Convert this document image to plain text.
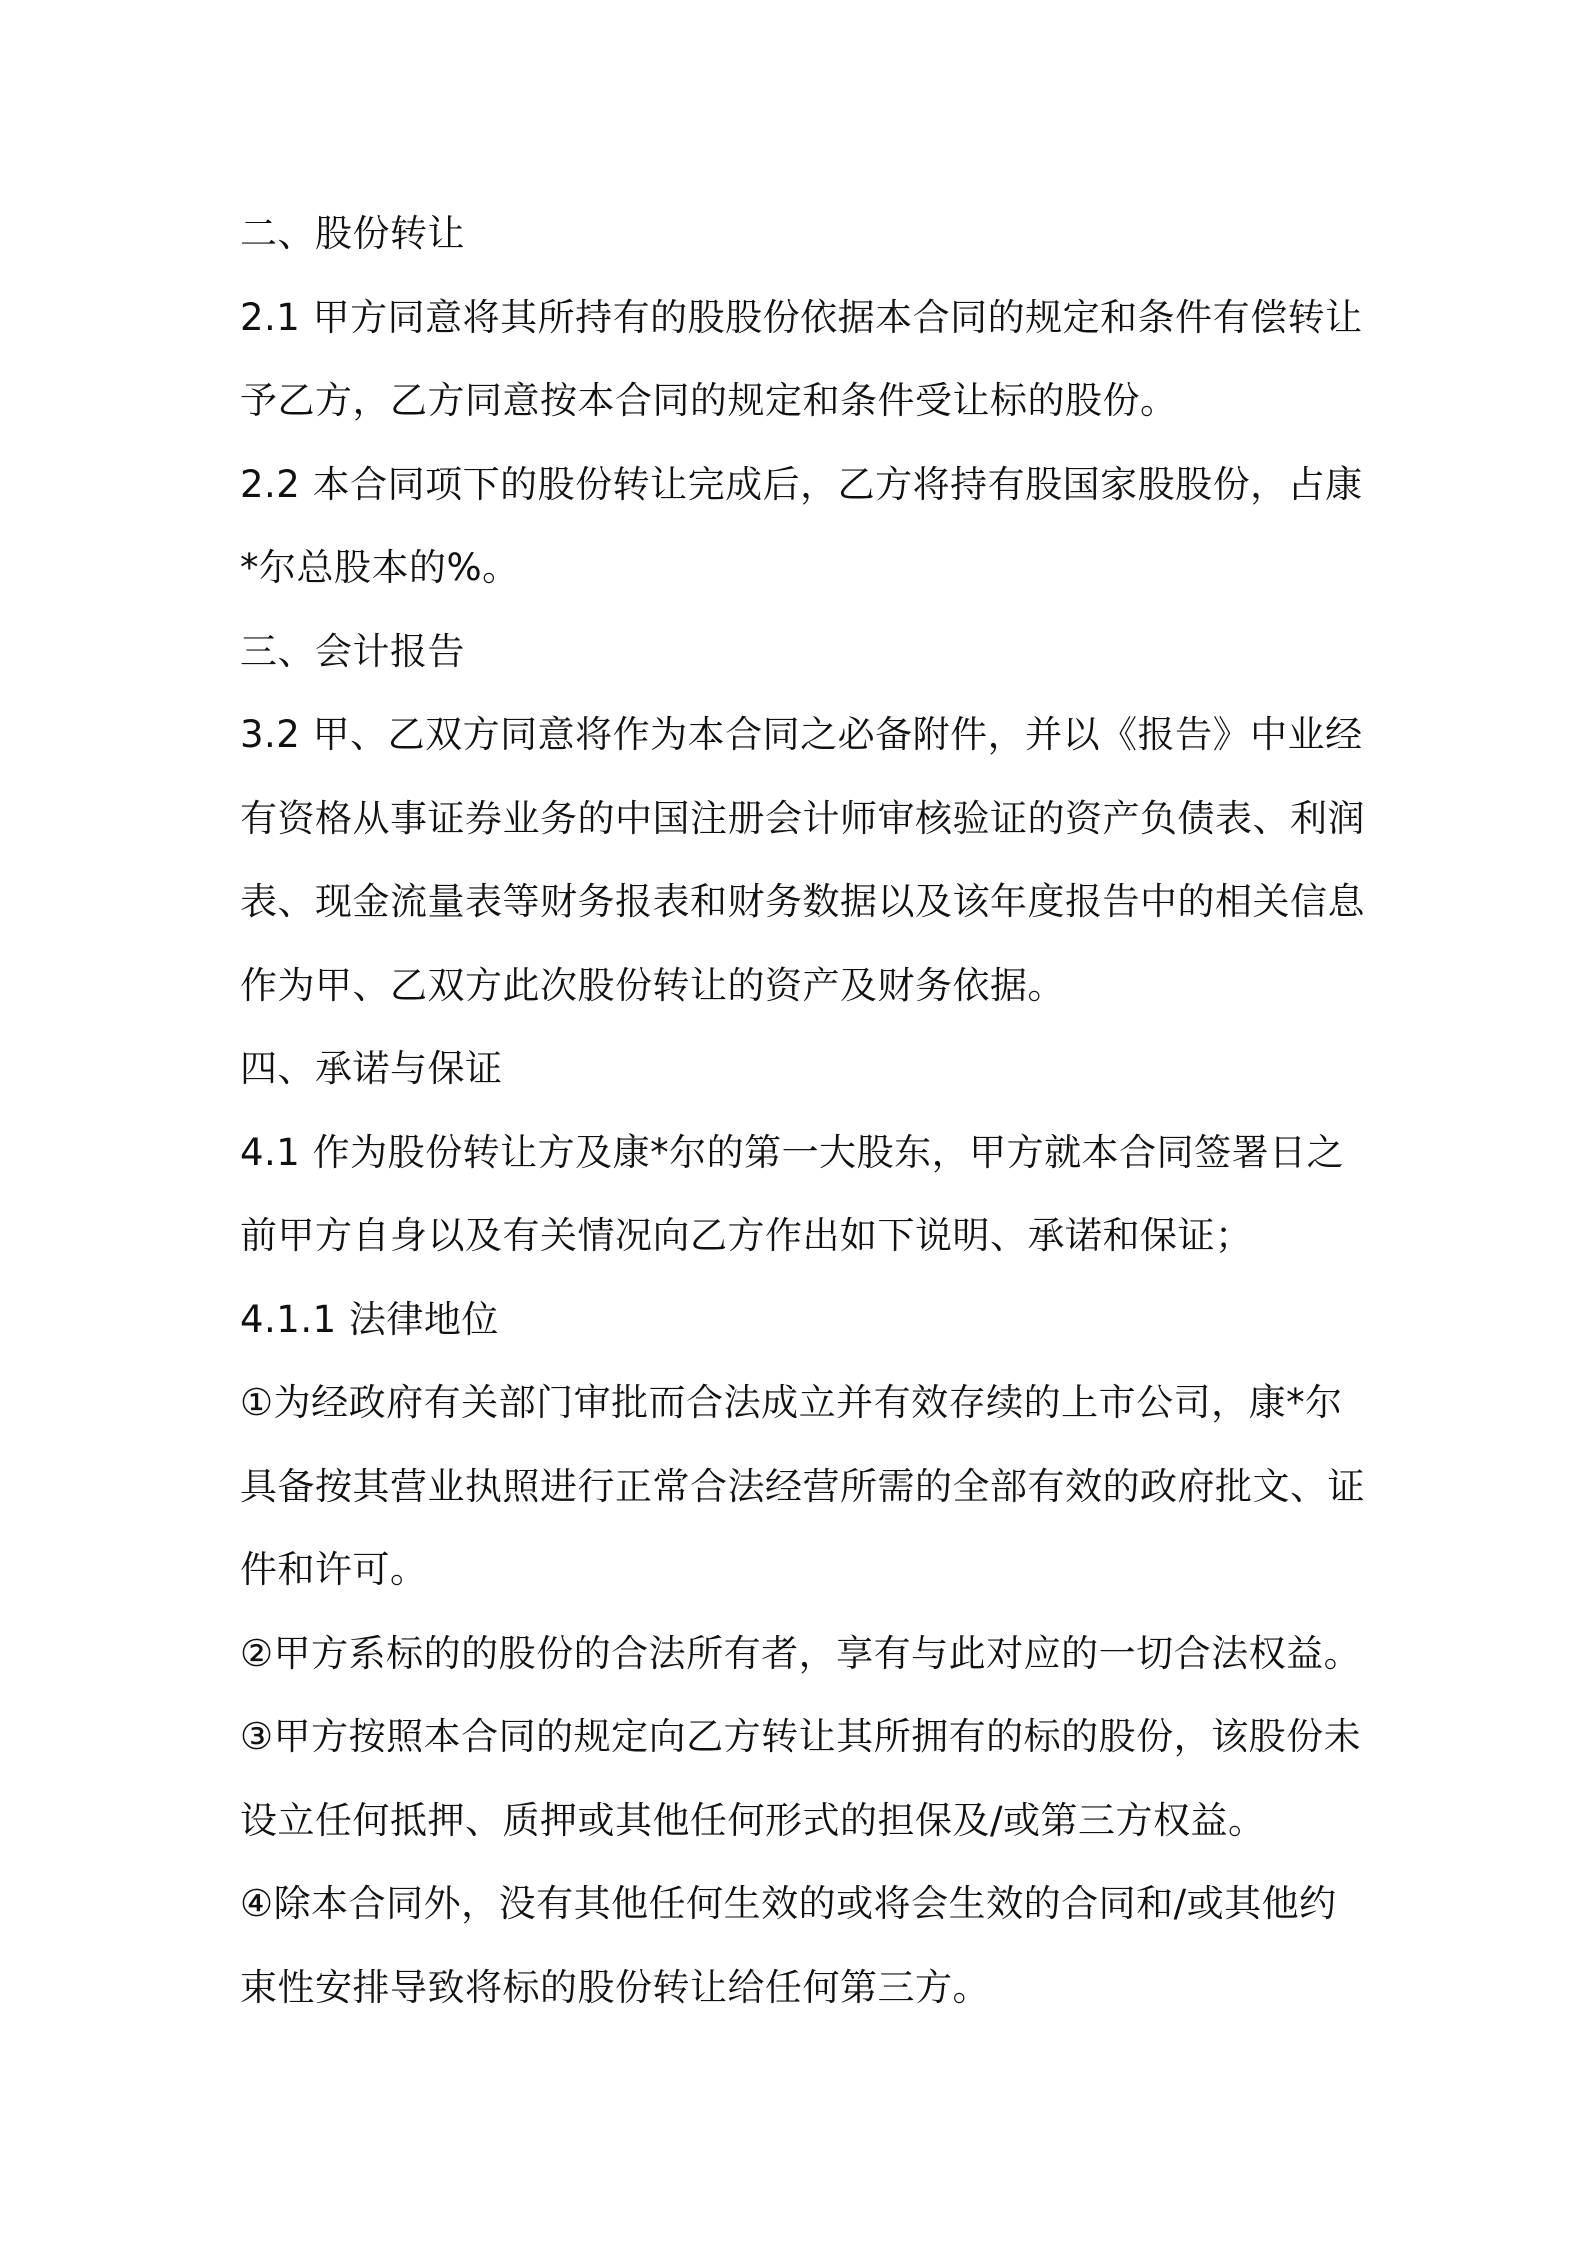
二、股份转让
2.1 甲方同意将其所持有的股股份依据本合同的规定和条件有偿转让
予乙方，乙方同意按本合同的规定和条件受让标的股份。
2.2 本合同项下的股份转让完成后，乙方将持有股国家股股份，占康
*尔总股本的%。
三、会计报告
3.2 甲、乙双方同意将作为本合同之必备附件，并以《报告》中业经
有资格从事证券业务的中国注册会计师审核验证的资产负债表、利润
表、现金流量表等财务报表和财务数据以及该年度报告中的相关信息
作为甲、乙双方此次股份转让的资产及财务依据。
四、承诺与保证
4.1 作为股份转让方及康*尔的第一大股东，甲方就本合同签署日之
前甲方自身以及有关情况向乙方作出如下说明、承诺和保证；
4.1.1 法律地位
①为经政府有关部门审批而合法成立并有效存续的上市公司，康*尔
具备按其营业执照进行正常合法经营所需的全部有效的政府批文、证
件和许可。
②甲方系标的的股份的合法所有者，享有与此对应的一切合法权益。
③甲方按照本合同的规定向乙方转让其所拥有的标的股份，该股份未
设立任何抵押、质押或其他任何形式的担保及/或第三方权益。
④除本合同外，没有其他任何生效的或将会生效的合同和/或其他约
束性安排导致将标的股份转让给任何第三方。
